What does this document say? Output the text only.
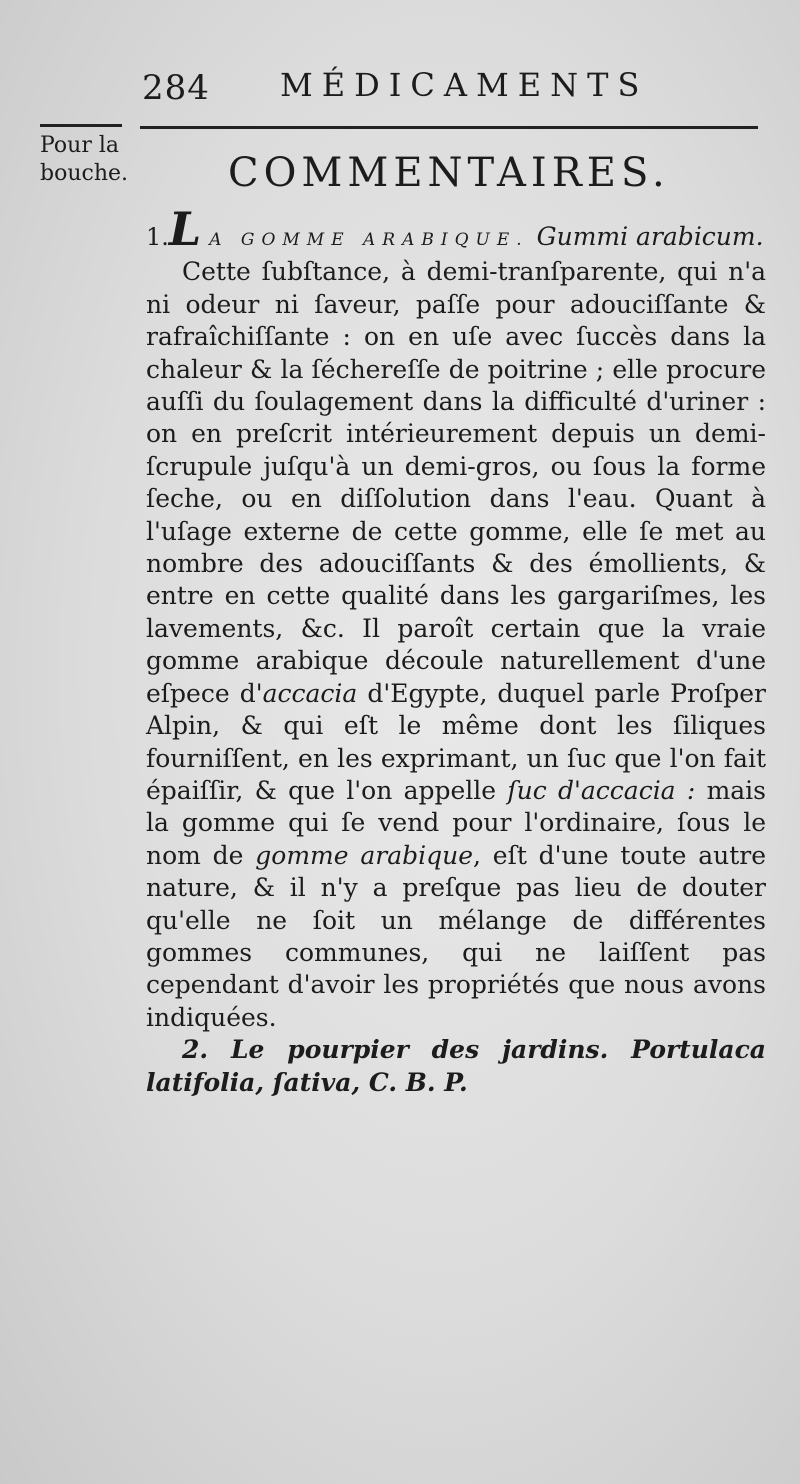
284 MÉDICAMENTS
Pour la bouche.	COMMENTAIRES.

1.L A GOMME ARABIQUE. Gummi arabicum.

Cette ſubſtance, à demi-tranſparente, qui n'a ni odeur ni ſaveur, paſſe pour adouciſſante & rafraîchiſſante : on en uſe avec ſuccès dans la chaleur & la ſéchereſſe de poitrine ; elle procure auſſi du ſoulagement dans la difficulté d'uriner : on en preſcrit intérieurement depuis un demi-ſcrupule juſqu'à un demi-gros, ou ſous la forme ſeche, ou en diſſolution dans l'eau. Quant à l'uſage externe de cette gomme, elle ſe met au nombre des adouciſſants & des émollients, & entre en cette qualité dans les gargariſmes, les lavements, &c. Il paroît certain que la vraie gomme arabique découle naturellement d'une eſpece d'accacia d'Egypte, duquel parle Proſper Alpin, & qui eſt le même dont les ſiliques fourniſſent, en les exprimant, un ſuc que l'on fait épaiſſir, & que l'on appelle ſuc d'accacia : mais la gomme qui ſe vend pour l'ordinaire, ſous le nom de gomme arabique, eſt d'une toute autre nature, & il n'y a preſque pas lieu de douter qu'elle ne ſoit un mélange de différentes gommes communes, qui ne laiſſent pas cependant d'avoir les propriétés que nous avons indiquées.

2. Le pourpier des jardins. Portulaca latifolia, ſativa, C. B. P.
